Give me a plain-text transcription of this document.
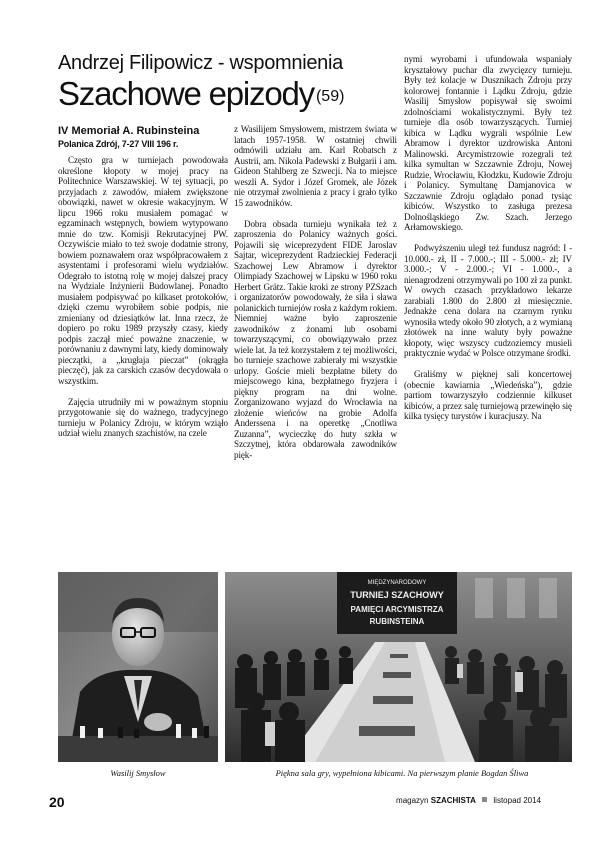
Andrzej Filipowicz - wspomnienia
Szachowe epizody (59)
IV Memoriał A. Rubinsteina
Polanica Zdrój, 7-27 VIII 196 r.

Często gra w turniejach powodowała określone kłopoty w mojej pracy na Politechnice Warszawskiej. W tej sytuacji, po przyjadach z zawodów, miałem zwiększone obowiązki, nawet w okresie wakacyjnym. W lipcu 1966 roku musiałem pomagać w egzaminach wstępnych, bowiem wytypowano mnie do tzw. Komisji Rekrutacyjnej PW. Oczywiście miało to też swoje dodatnie strony, bowiem poznawałem oraz współpracowałem z asystentami i profesorami wielu wydziałów. Odegrało to istotną rolę w mojej dalszej pracy na Wydziale Inżynierii Budowlanej. Ponadto musiałem podpisywać po kilkaset protokołów, dzięki czemu wyrobiłem sobie podpis, nie zmieniany od dziesiątków lat. Inna rzecz, że dopiero po roku 1989 przyszły czasy, kiedy podpis zaczął mieć poważne znaczenie, w porównaniu z dawnymi laty, kiedy dominowały pieczątki, a „krugłaja pieczat” (okrągła pieczęć), jak za carskich czasów decydowała o wszystkim.

Zajęcia utrudniły mi w poważnym stopniu przygotowanie się do ważnego, tradycyjnego turnieju w Polanicy Zdroju, w którym wziąło udział wielu znanych szachistów, na czele

z Wasilijem Smysłowem, mistrzem świata w latach 1957-1958. W ostatniej chwili odmówili udziału am. Karl Robatsch z Austrii, am. Nikola Padewski z Bułgarii i am. Gideon Stahlberg ze Szwecji. Na to miejsce weszli A. Sydor i Józef Gromek, ale Józek nie otrzymał zwolnienia z pracy i grało tylko 15 zawodników.

Dobra obsada turnieju wynikała też z zaproszenia do Polanicy ważnych gości. Pojawili się wiceprezydent FIDE Jaroslav Sajtar, wiceprezydent Radzieckiej Federacji Szachowej Lew Abramow i dyrektor Olimpiady Szachowej w Lipsku w 1960 roku Herbert Grätz. Takie kroki ze strony PZSzach i organizatorów powodowały, że siła i sława polanickich turniejów rosła z każdym rokiem. Niemniej ważne było zaproszenie zawodników z żonami lub osobami towarzyszącymi, co obowiązywało przez wiele lat. Ja też korzystałem z tej możliwości, bo turnieje szachowe zabierały mi wszystkie urlopy. Goście mieli bezpłatne bilety do miejscowego kina, bezpłatnego fryzjera i piękny program na dni wolne. Zorganizowano wyjazd do Wrocławia na złożenie wieńców na grobie Adolfa Anderssena i na operetkę „Cnotliwa Zuzanna”, wycieczkę do huty szkła w Szczytnej, która obdarowała zawodników pięk-

nymi wyrobami i ufundowała wspaniały kryształowy puchar dla zwycięzcy turnieju. Były też kolacje w Dusznikach Zdroju przy kolorowej fontannie i Lądku Zdroju, gdzie Wasilij Smysłow popisywał się swoimi zdolnościami wokalistycznymi. Były też turnieje dla osób towarzyszących. Turniej kibica w Lądku wygrali wspólnie Lew Abramow i dyrektor uzdrowiska Antoni Malinowski. Arcymistrzowie rozegrali też kilka symultan w Szczawnie Zdroju, Nowej Rudzie, Wrocławiu, Kłodzku, Kudowie Zdroju i Polanicy. Symultanę Damjanovica w Szczawnie Zdroju oglądało ponad tysiąc kibiców. Wszystko to zasługa prezesa Dolnośląskiego Zw. Szach. Jerzego Arłamowskiego.

Podwyższeniu uległ też fundusz nagród: I - 10.000.- zł, II - 7.000.-; III - 5.000.- zł; IV 3.000.-; V - 2.000.-; VI - 1.000.-, a nienagrodzeni otrzymywali po 100 zł za punkt. W owych czasach przykładowo lekarze zarabiali 1.800 do 2.800 zł miesięcznie. Jednakże cena dolara na czarnym rynku wynosiła wtedy około 90 złotych, a z wymianą złotówek na inne waluty były poważne kłopoty, więc wszyscy cudzoziemcy musieli praktycznie wydać w Polsce otrzymane środki.

Graliśmy w pięknej sali koncertowej (obecnie kawiarnia „Wiedeńska”), gdzie partiom towarzyszyło codziennie kilkuset kibiców, a przez salę turniejową przewinęło się kilka tysięcy turystów i kuracjuszy. Na

MIĘDZYNARODOWY
TURNIEJ SZACHOWY
PAMIĘCI ARCYMISTRZA
RUBINSTEINA
Wasilij Smysłow	Piękna sala gry, wypełniona kibicami. Na pierwszym planie Bogdan Śliwa
20	magazyn SZACHISTA listopad 2014
